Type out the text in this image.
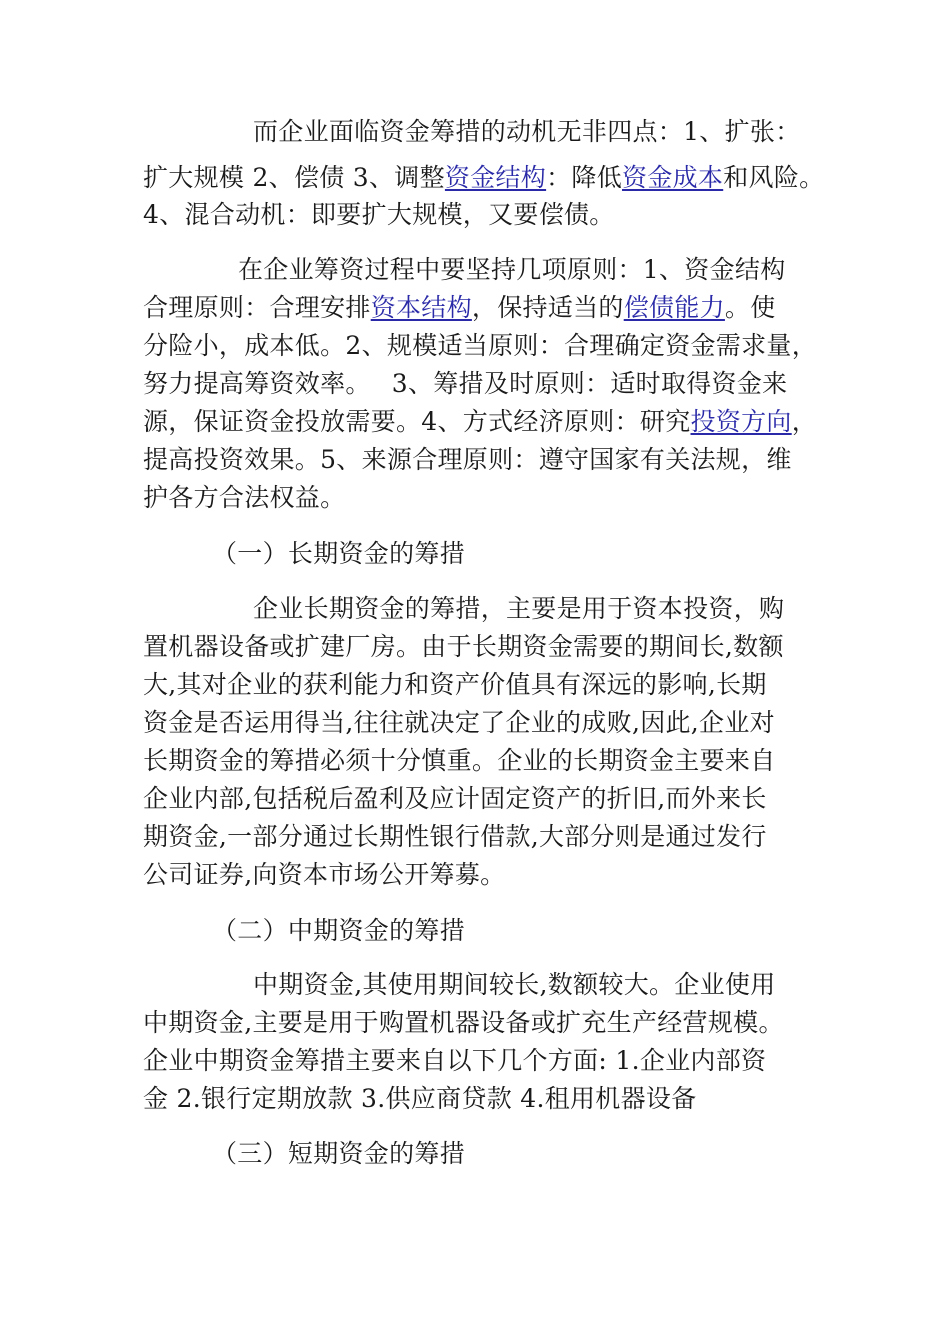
而企业面临资金筹措的动机无非四点：1、扩张：
扩大规模 2、偿债 3、调整资金结构：降低资金成本和风险。
4、混合动机：即要扩大规模，又要偿债。
在企业筹资过程中要坚持几项原则：1、资金结构
合理原则：合理安排资本结构，保持适当的偿债能力。使
分险小，成本低。2、规模适当原则：合理确定资金需求量，
努力提高筹资效率。　 3、筹措及时原则：适时取得资金来
源，保证资金投放需要。4、方式经济原则：研究投资方向，
提高投资效果。5、来源合理原则：遵守国家有关法规，维
护各方合法权益。
（一）长期资金的筹措
企业长期资金的筹措，主要是用于资本投资，购
置机器设备或扩建厂房。由于长期资金需要的期间长,数额
大,其对企业的获利能力和资产价值具有深远的影响,长期
资金是否运用得当,往往就决定了企业的成败,因此,企业对
长期资金的筹措必须十分慎重。企业的长期资金主要来自
企业内部,包括税后盈利及应计固定资产的折旧,而外来长
期资金,一部分通过长期性银行借款,大部分则是通过发行
公司证券,向资本市场公开筹募。
（二）中期资金的筹措
中期资金,其使用期间较长,数额较大。企业使用
中期资金,主要是用于购置机器设备或扩充生产经营规模。
企业中期资金筹措主要来自以下几个方面: 1.企业内部资
金 2.银行定期放款 3.供应商贷款 4.租用机器设备
（三）短期资金的筹措
